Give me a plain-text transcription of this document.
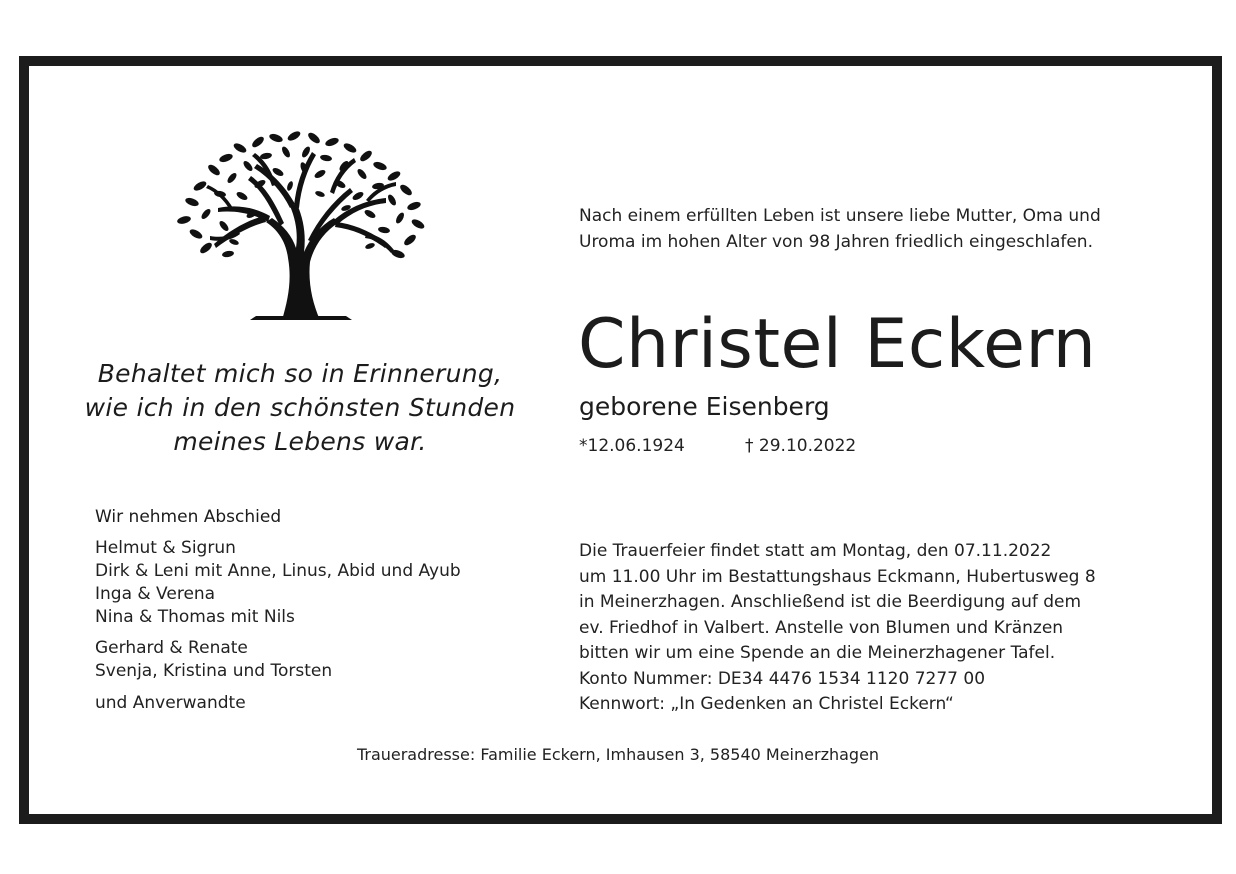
Behaltet mich so in Erinnerung,
wie ich in den schönsten Stunden
meines Lebens war.
Nach einem erfüllten Leben ist unsere liebe Mutter, Oma und
Uroma im hohen Alter von 98 Jahren friedlich eingeschlafen.
Christel Eckern
geborene Eisenberg
*12.06.1924	† 29.10.2022
Wir nehmen Abschied
Helmut & Sigrun
Dirk & Leni mit Anne, Linus, Abid und Ayub
Inga & Verena
Nina & Thomas mit Nils
Gerhard & Renate
Svenja, Kristina und Torsten
und Anverwandte
Die Trauerfeier findet statt am Montag, den 07.11.2022
um 11.00 Uhr im Bestattungshaus Eckmann, Hubertusweg 8
in Meinerzhagen. Anschließend ist die Beerdigung auf dem
ev. Friedhof in Valbert. Anstelle von Blumen und Kränzen
bitten wir um eine Spende an die Meinerzhagener Tafel.
Konto Nummer: DE34 4476 1534 1120 7277 00
Kennwort: „In Gedenken an Christel Eckern“
Traueradresse: Familie Eckern, Imhausen 3, 58540 Meinerzhagen
